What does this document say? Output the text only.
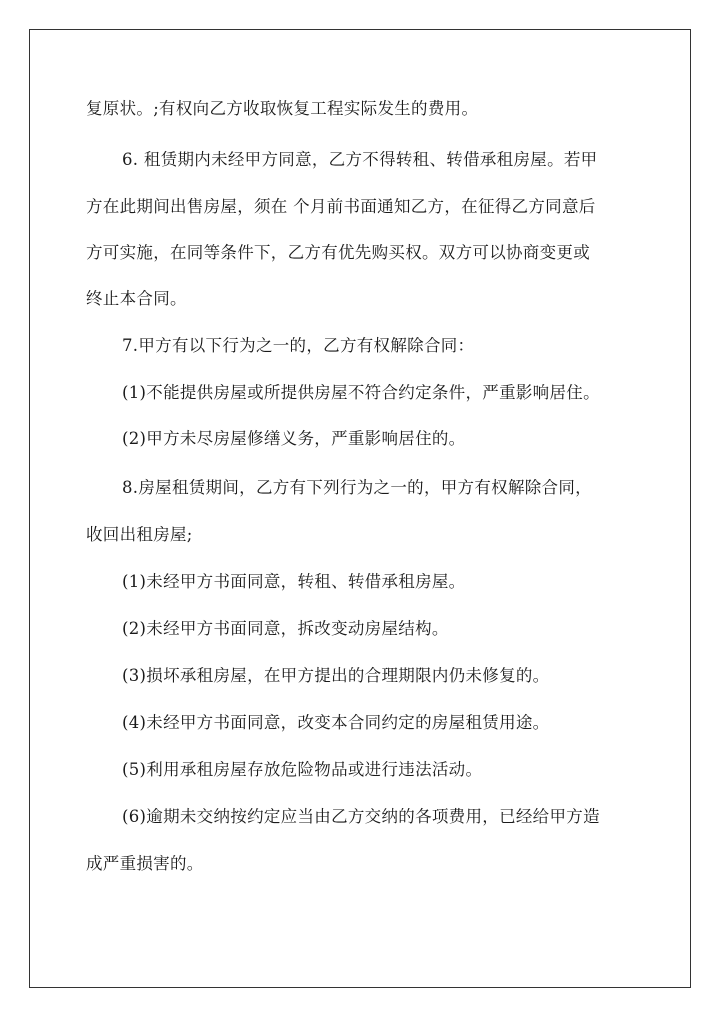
复原状。;有权向乙方收取恢复工程实际发生的费用。
6. 租赁期内未经甲方同意，乙方不得转租、转借承租房屋。若甲
方在此期间出售房屋，须在 个月前书面通知乙方，在征得乙方同意后
方可实施，在同等条件下，乙方有优先购买权。双方可以协商变更或
终止本合同。
7.甲方有以下行为之一的，乙方有权解除合同：
(1)不能提供房屋或所提供房屋不符合约定条件，严重影响居住。
(2)甲方未尽房屋修缮义务，严重影响居住的。
8.房屋租赁期间，乙方有下列行为之一的，甲方有权解除合同，
收回出租房屋;
(1)未经甲方书面同意，转租、转借承租房屋。
(2)未经甲方书面同意，拆改变动房屋结构。
(3)损坏承租房屋，在甲方提出的合理期限内仍未修复的。
(4)未经甲方书面同意，改变本合同约定的房屋租赁用途。
(5)利用承租房屋存放危险物品或进行违法活动。
(6)逾期未交纳按约定应当由乙方交纳的各项费用，已经给甲方造
成严重损害的。
